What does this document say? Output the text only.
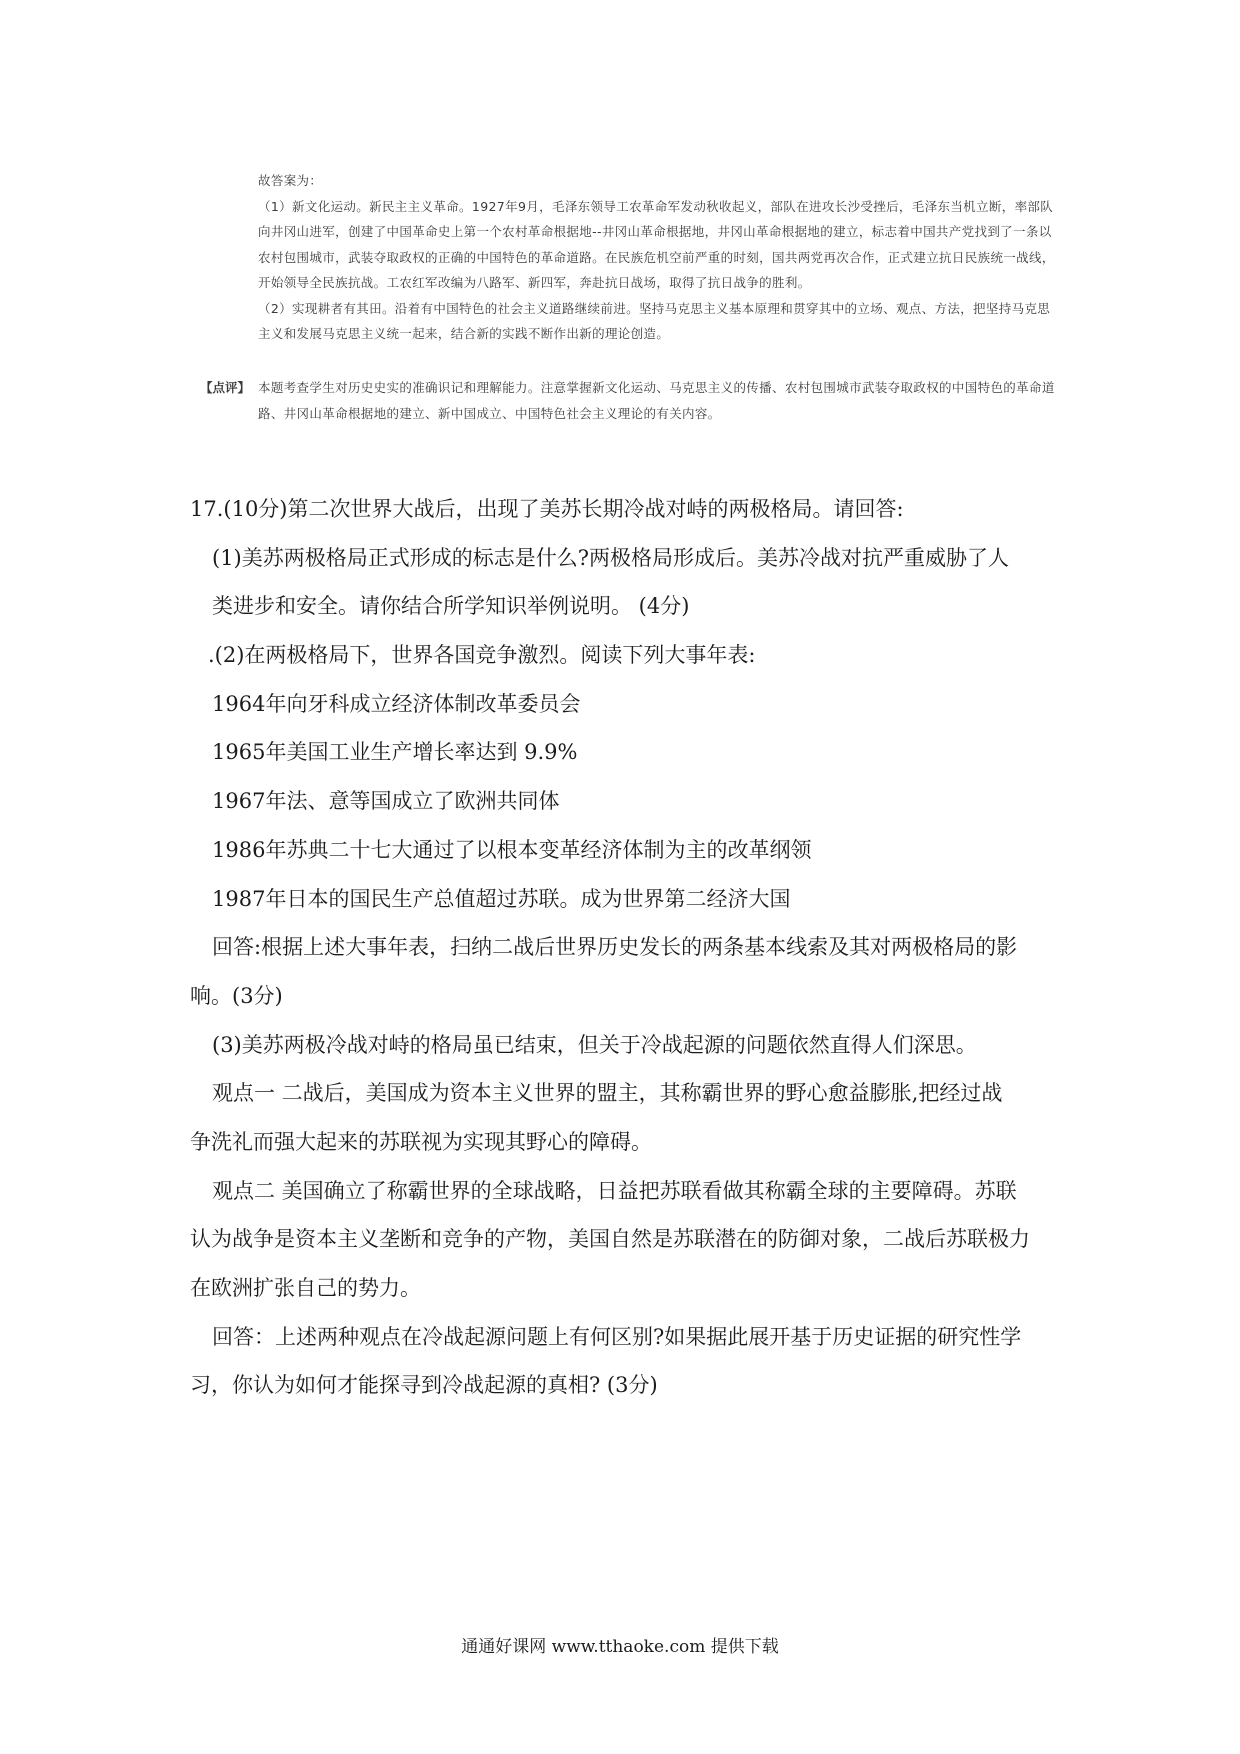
故答案为：
（1）新文化运动。新民主主义革命。1927年9月，毛泽东领导工农革命军发动秋收起义，部队在进攻长沙受挫后，毛泽东当机立断，率部队
向井冈山进军，创建了中国革命史上第一个农村革命根据地--井冈山革命根据地，井冈山革命根据地的建立，标志着中国共产党找到了一条以
农村包围城市，武装夺取政权的正确的中国特色的革命道路。在民族危机空前严重的时刻，国共两党再次合作，正式建立抗日民族统一战线，
开始领导全民族抗战。工农红军改编为八路军、新四军，奔赴抗日战场，取得了抗日战争的胜利。
（2）实现耕者有其田。沿着有中国特色的社会主义道路继续前进。坚持马克思主义基本原理和贯穿其中的立场、观点、方法，把坚持马克思
主义和发展马克思主义统一起来，结合新的实践不断作出新的理论创造。
【点评】 本题考查学生对历史史实的准确识记和理解能力。注意掌握新文化运动、马克思主义的传播、农村包围城市武装夺取政权的中国特色的革命道
路、井冈山革命根据地的建立、新中国成立、中国特色社会主义理论的有关内容。
17.(10分)第二次世界大战后，出现了美苏长期冷战对峙的两极格局。请回答:
(1)美苏两极格局正式形成的标志是什么?两极格局形成后。美苏冷战对抗严重威胁了人
类进步和安全。请你结合所学知识举例说明。 (4分)
.(2)在两极格局下，世界各国竞争激烈。阅读下列大事年表:
1964年向牙科成立经济体制改革委员会
1965年美国工业生产增长率达到 9.9%
1967年法、意等国成立了欧洲共同体
1986年苏典二十七大通过了以根本变革经济体制为主的改革纲领
1987年日本的国民生产总值超过苏联。成为世界第二经济大国
回答:根据上述大事年表，扫纳二战后世界历史发长的两条基本线索及其对两极格局的影
响。(3分)
(3)美苏两极冷战对峙的格局虽已结束，但关于冷战起源的问题依然直得人们深思。
观点一 二战后，美国成为资本主义世界的盟主，其称霸世界的野心愈益膨胀,把经过战
争洗礼而强大起来的苏联视为实现其野心的障碍。
观点二 美国确立了称霸世界的全球战略，日益把苏联看做其称霸全球的主要障碍。苏联
认为战争是资本主义垄断和竞争的产物，美国自然是苏联潜在的防御对象，二战后苏联极力
在欧洲扩张自己的势力。
回答：上述两种观点在冷战起源问题上有何区别?如果据此展开基于历史证据的研究性学
习，你认为如何才能探寻到冷战起源的真相? (3分)
通通好课网 www.tthaoke.com 提供下载
